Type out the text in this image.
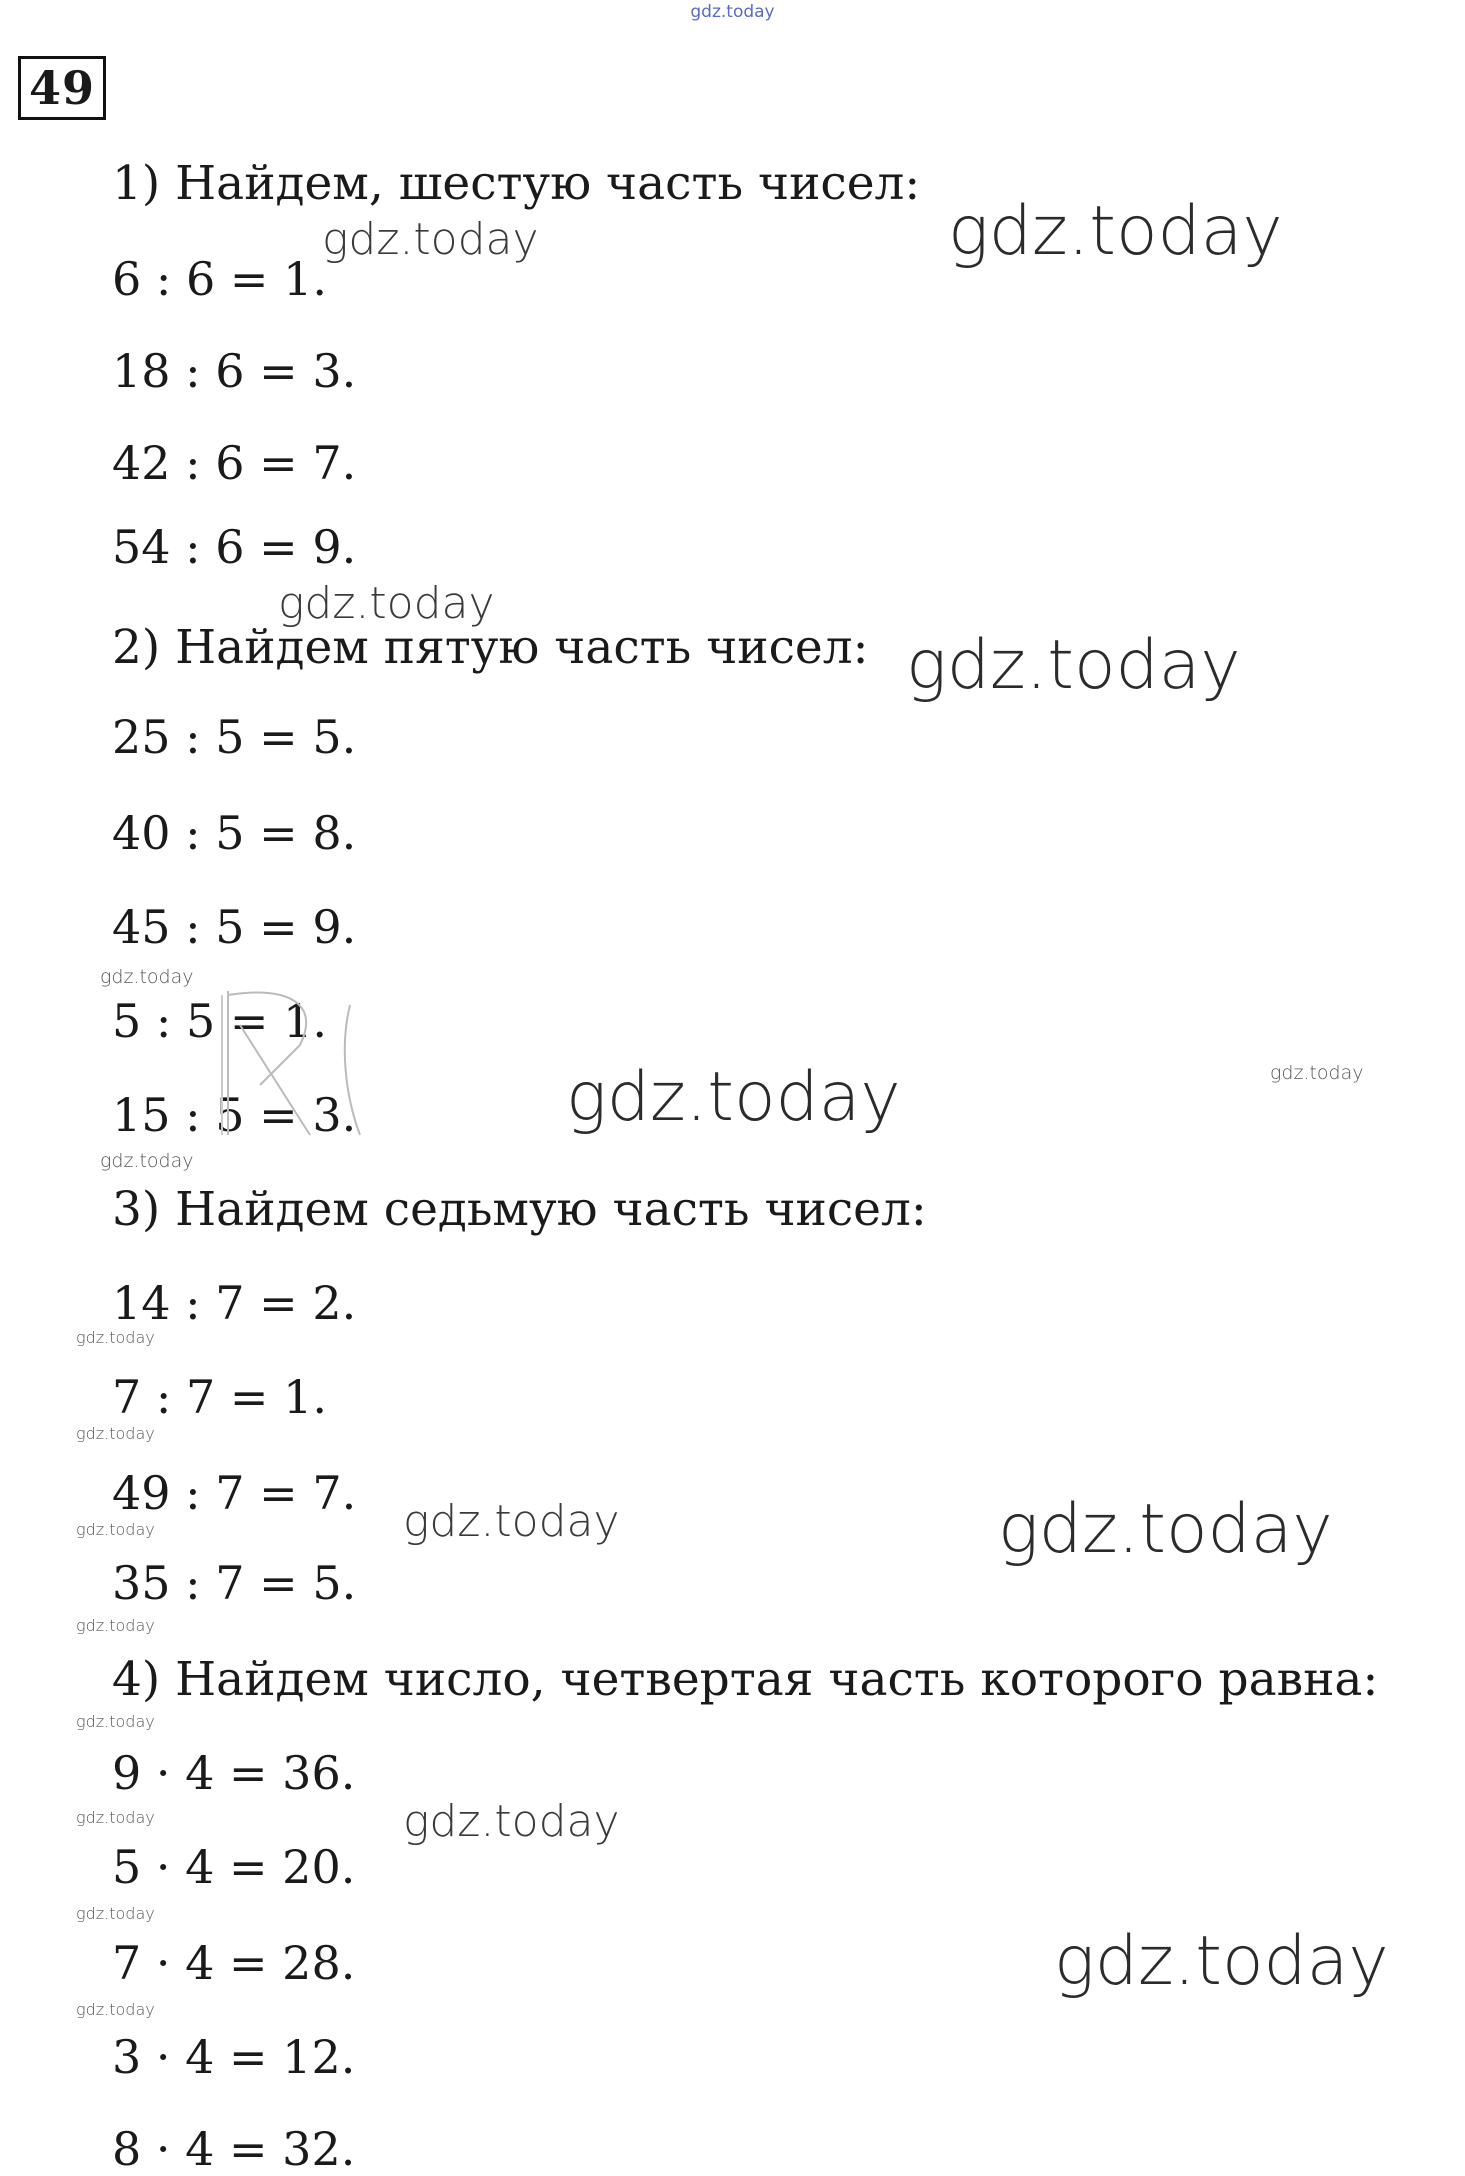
gdz.today
49
1) Найдем, шестую часть чисел:
6 : 6 = 1.
18 : 6 = 3.
42 : 6 = 7.
54 : 6 = 9.
2) Найдем пятую часть чисел:
25 : 5 = 5.
40 : 5 = 8.
45 : 5 = 9.
5 : 5 = 1.
15 : 5 = 3.
3) Найдем седьмую часть чисел:
14 : 7 = 2.
7 : 7 = 1.
49 : 7 = 7.
35 : 7 = 5.
4) Найдем число, четвертая часть которого равна:
9 · 4 = 36.
5 · 4 = 20.
7 · 4 = 28.
3 · 4 = 12.
8 · 4 = 32.
gdz.today
gdz.today
gdz.today
gdz.today
gdz.today
gdz.today	gdz.today
gdz.today
gdz.today
gdz.today
gdz.today	gdz.today
gdz.today
gdz.today
gdz.today
gdz.today	gdz.today
gdz.today
gdz.today
gdz.today
